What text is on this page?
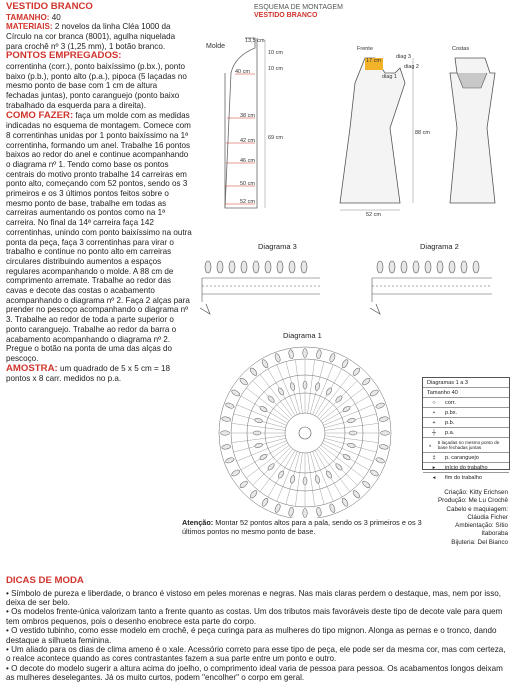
VESTIDO BRANCO

TAMANHO: 40

MATERIAIS: 2 novelos da linha Cléa 1000 da Círculo na cor branca (8001), agulha niquelada para crochê nº 3 (1,25 mm), 1 botão branco.

PONTOS EMPREGADOS:

correntinha (corr.), ponto baixíssimo (p.bx.), ponto baixo (p.b.), ponto alto (p.a.), pipoca (5 laçadas no mesmo ponto de base com 1 cm de altura fechadas juntas), ponto caranguejo (ponto baixo trabalhado da esquerda para a direita).

COMO FAZER: faça um molde com as medidas indicadas no esquema de montagem. Comece com 8 correntinhas unidas por 1 ponto baixíssimo na 1ª correntinha, formando um anel. Trabalhe 16 pontos baixos ao redor do anel e continue acompanhando o diagrama nº 1. Tendo como base os pontos centrais do motivo pronto trabalhe 14 carreiras em ponto alto, começando com 52 pontos, sendo os 3 primeiros e os 3 últimos pontos feitos sobre o mesmo ponto de base, trabalhe em todas as carreiras aumentando os pontos como na 1ª carreira. No final da 14ª carreira faça 142 correntinhas, unindo com ponto baixíssimo na outra ponta da peça, faça 3 correntinhas para virar o trabalho e continue no ponto alto em carreiras circulares distribuindo aumentos a espaços regulares acompanhando o molde. A 88 cm de comprimento arremate. Trabalhe ao redor das cavas e decote das costas o acabamento acompanhando o diagrama nº 2. Faça 2 alças para prender no pescoço acompanhando o diagrama nº 3. Trabalhe ao redor de toda a parte superior o ponto caranguejo. Trabalhe ao redor da barra o acabamento acompanhando o diagrama nº 2. Pregue o botão na ponta de uma das alças do pescoço.

AMOSTRA: um quadrado de 5 x 5 cm = 18 pontos x 8 carr. medidos no p.a.

ESQUEMA DE MONTAGEM
VESTIDO BRANCO
Molde
13,5 cm
40 cm
38 cm
42 cm
46 cm
50 cm
52 cm
10 cm
10 cm
69 cm
Frente	Costas
diag 3
diag 2
diag 1
17 cm
88 cm
52 cm
Diagrama 3	Diagrama 2
Diagrama 1
Diagramas 1 a 3
Tamanho 40
○	corr.
•	p.bx.
+	p.b.
┼	p.a.
◐	5 laçadas no mesmo ponto de base fechadas juntas
‡	p. caranguejo
▸	início do trabalho
◂	fim do trabalho
Atenção: Montar 52 pontos altos para a pala, sendo os 3 primeiros e os 3 últimos pontos no mesmo ponto de base.
Criação: Kitty Erichsen
Produção: Me Lu Crochê
Cabelo e maquiagem:
Cláudia Ficher
Ambientação: Sítio
Itaboraba
Bijuteria: Del Bianco
DICAS DE MODA
• Símbolo de pureza e liberdade, o branco é vistoso em peles morenas e negras. Nas mais claras perdem o destaque, mas, nem por isso, deixa de ser belo.
• Os modelos frente-única valorizam tanto a frente quanto as costas. Um dos tributos mais favoráveis deste tipo de decote vale para quem tem ombros pequenos, pois o desenho enobrece esta parte do corpo.
• O vestido tubinho, como esse modelo em crochê, é peça curinga para as mulheres do tipo mignon. Alonga as pernas e o tronco, dando destaque a silhueta feminina.
• Um aliado para os dias de clima ameno é o xale. Acessório correto para esse tipo de peça, ele pode ser da mesma cor, mas com certeza, o realce acontece quando as cores contrastantes fazem a sua parte entre um ponto e outro.
• O decote do modelo sugerir a altura acima do joelho, o comprimento ideal varia de pessoa para pessoa. Os acabamentos longos deixam as mulheres deselegantes. Já os muito curtos, podem "encolher" o corpo em geral.
